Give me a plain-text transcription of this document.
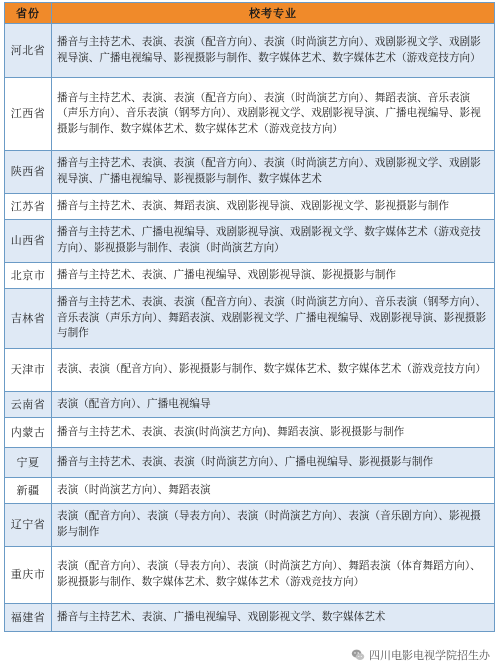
省份	校考专业
河北省	播音与主持艺术、表演、表演（配音方向）、表演（时尚演艺方向）、戏剧影视文学、戏剧影视导演、广播电视编导、影视摄影与制作、数字媒体艺术、数字媒体艺术（游戏竞技方向）
江西省	播音与主持艺术、表演、表演（配音方向）、表演（时尚演艺方向）、舞蹈表演、音乐表演（声乐方向）、音乐表演（钢琴方向）、戏剧影视文学、戏剧影视导演、广播电视编导、影视摄影与制作、数字媒体艺术、数字媒体艺术（游戏竞技方向）
陕西省	播音与主持艺术、表演、表演（配音方向）、表演（时尚演艺方向）、戏剧影视文学、戏剧影视导演、广播电视编导、影视摄影与制作、数字媒体艺术
江苏省	播音与主持艺术、表演、舞蹈表演、戏剧影视导演、戏剧影视文学、影视摄影与制作
山西省	播音与主持艺术、广播电视编导、戏剧影视导演、戏剧影视文学、数字媒体艺术（游戏竞技方向）、影视摄影与制作、表演（时尚演艺方向）
北京市	播音与主持艺术、表演、广播电视编导、戏剧影视导演、影视摄影与制作
吉林省	播音与主持艺术、表演、表演（配音方向）、表演（时尚演艺方向）、音乐表演（钢琴方向）、音乐表演（声乐方向）、舞蹈表演、戏剧影视文学、广播电视编导、戏剧影视导演、影视摄影与制作
天津市	表演、表演（配音方向）、影视摄影与制作、数字媒体艺术、数字媒体艺术（游戏竞技方向）
云南省	表演（配音方向）、广播电视编导
内蒙古	播音与主持艺术、表演、表演(时尚演艺方向)、舞蹈表演、影视摄影与制作
宁夏	播音与主持艺术、表演、表演（时尚演艺方向）、广播电视编导、影视摄影与制作
新疆	表演（时尚演艺方向）、舞蹈表演
辽宁省	表演（配音方向）、表演（导表方向）、表演（时尚演艺方向）、表演（音乐剧方向）、影视摄影与制作
重庆市	表演（配音方向）、表演（导表方向）、表演（时尚演艺方向）、舞蹈表演（体育舞蹈方向）、影视摄影与制作、数字媒体艺术、数字媒体艺术（游戏竞技方向）
福建省	播音与主持艺术、表演、广播电视编导、戏剧影视文学、数字媒体艺术
四川电影电视学院招生办
